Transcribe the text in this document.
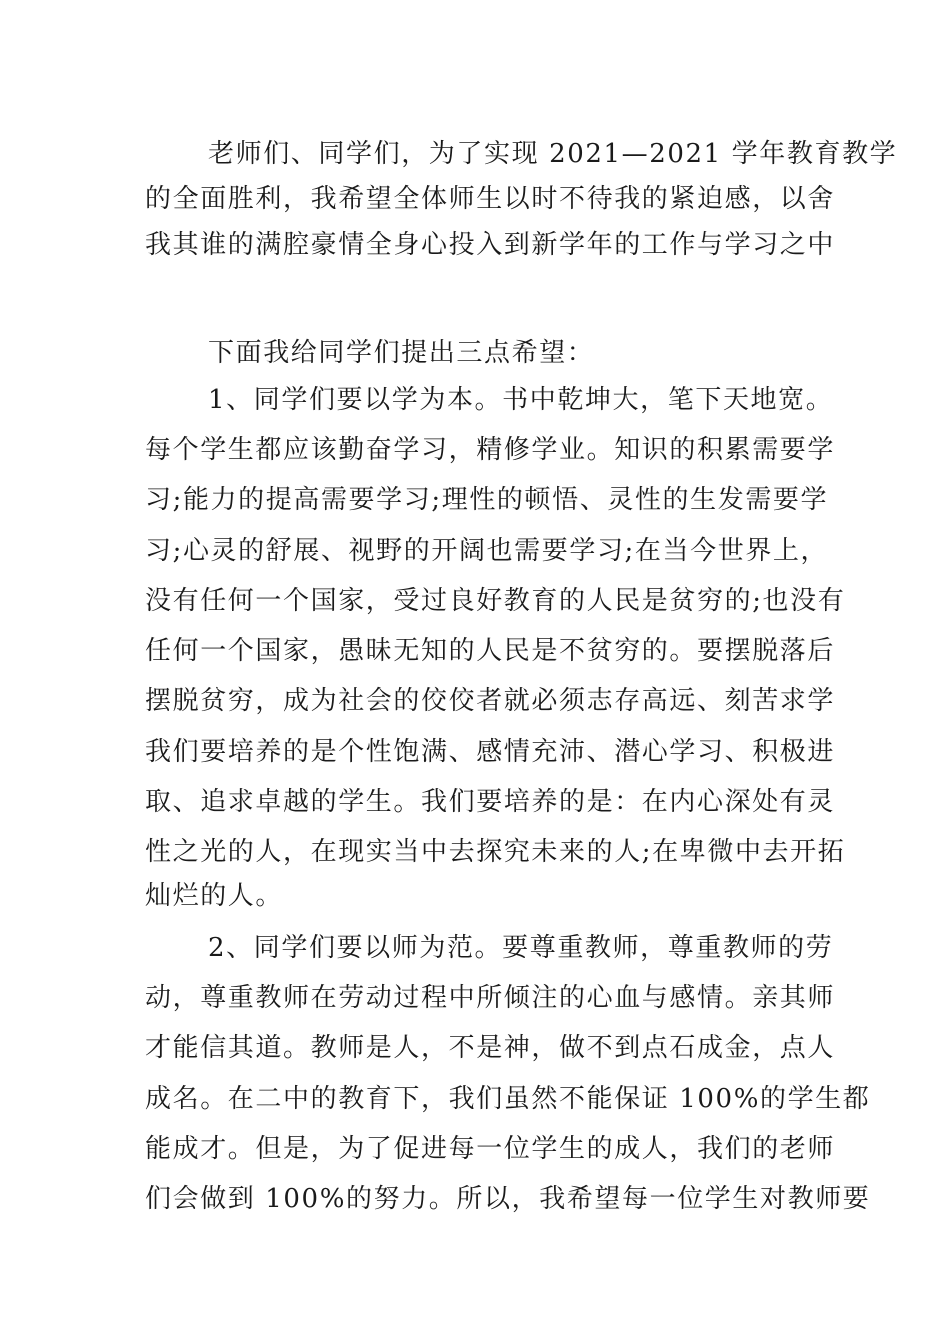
老师们、同学们，为了实现 2021—2021 学年教育教学
的全面胜利，我希望全体师生以时不待我的紧迫感，以舍
我其谁的满腔豪情全身心投入到新学年的工作与学习之中
下面我给同学们提出三点希望：
1、同学们要以学为本。书中乾坤大，笔下天地宽。
每个学生都应该勤奋学习，精修学业。知识的积累需要学
习;能力的提高需要学习;理性的顿悟、灵性的生发需要学
习;心灵的舒展、视野的开阔也需要学习;在当今世界上，
没有任何一个国家，受过良好教育的人民是贫穷的;也没有
任何一个国家，愚昧无知的人民是不贫穷的。要摆脱落后
摆脱贫穷，成为社会的佼佼者就必须志存高远、刻苦求学
我们要培养的是个性饱满、感情充沛、潜心学习、积极进
取、追求卓越的学生。我们要培养的是：在内心深处有灵
性之光的人，在现实当中去探究未来的人;在卑微中去开拓
灿烂的人。
2、同学们要以师为范。要尊重教师，尊重教师的劳
动，尊重教师在劳动过程中所倾注的心血与感情。亲其师
才能信其道。教师是人，不是神，做不到点石成金，点人
成名。在二中的教育下，我们虽然不能保证 100%的学生都
能成才。但是，为了促进每一位学生的成人，我们的老师
们会做到 100%的努力。所以，我希望每一位学生对教师要
